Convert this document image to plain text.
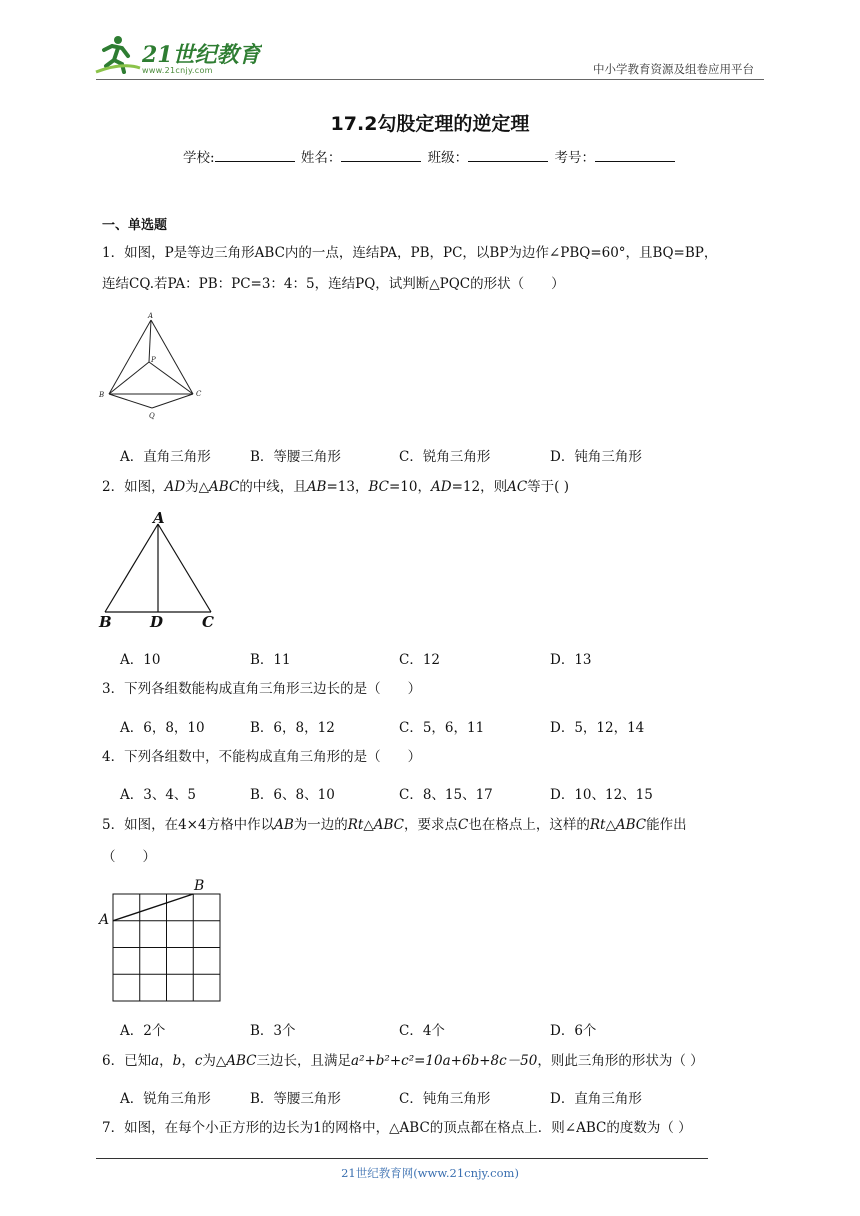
21世纪教育
www.21cnjy.com	中小学教育资源及组卷应用平台
17.2勾股定理的逆定理
学校:	姓名：	班级：	考号：
一、单选题
1．如图，P是等边三角形ABC内的一点，连结PA，PB，PC，以BP为边作∠PBQ=60°，且BQ=BP，
连结CQ.若PA：PB：PC=3：4：5，连结PQ，试判断△PQC的形状（　　）
A
P
B	C
Q
A．直角三角形	B．等腰三角形	C．锐角三角形	D．钝角三角形
2．如图，AD为△ABC的中线，且AB=13，BC=10，AD=12，则AC等于( )
A
B	D	C
A．10	B．11	C．12	D．13
3．下列各组数能构成直角三角形三边长的是（　　）
A．6，8，10	B．6，8，12	C．5，6，11	D．5，12，14
4．下列各组数中，不能构成直角三角形的是（　　）
A．3、4、5	B．6、8、10	C．8、15、17	D．10、12、15
5．如图，在4×4方格中作以AB为一边的Rt△ABC，要求点C也在格点上，这样的Rt△ABC能作出
（　　）
A
B
A．2个	B．3个	C．4个	D．6个
6．已知a，b，c为△ABC三边长，且满足a²+b²+c²=10a+6b+8c－50，则此三角形的形状为（ ）
A．锐角三角形	B．等腰三角形	C．钝角三角形	D．直角三角形
7．如图，在每个小正方形的边长为1的网格中，△ABC的顶点都在格点上．则∠ABC的度数为（ ）
21世纪教育网(www.21cnjy.com)
